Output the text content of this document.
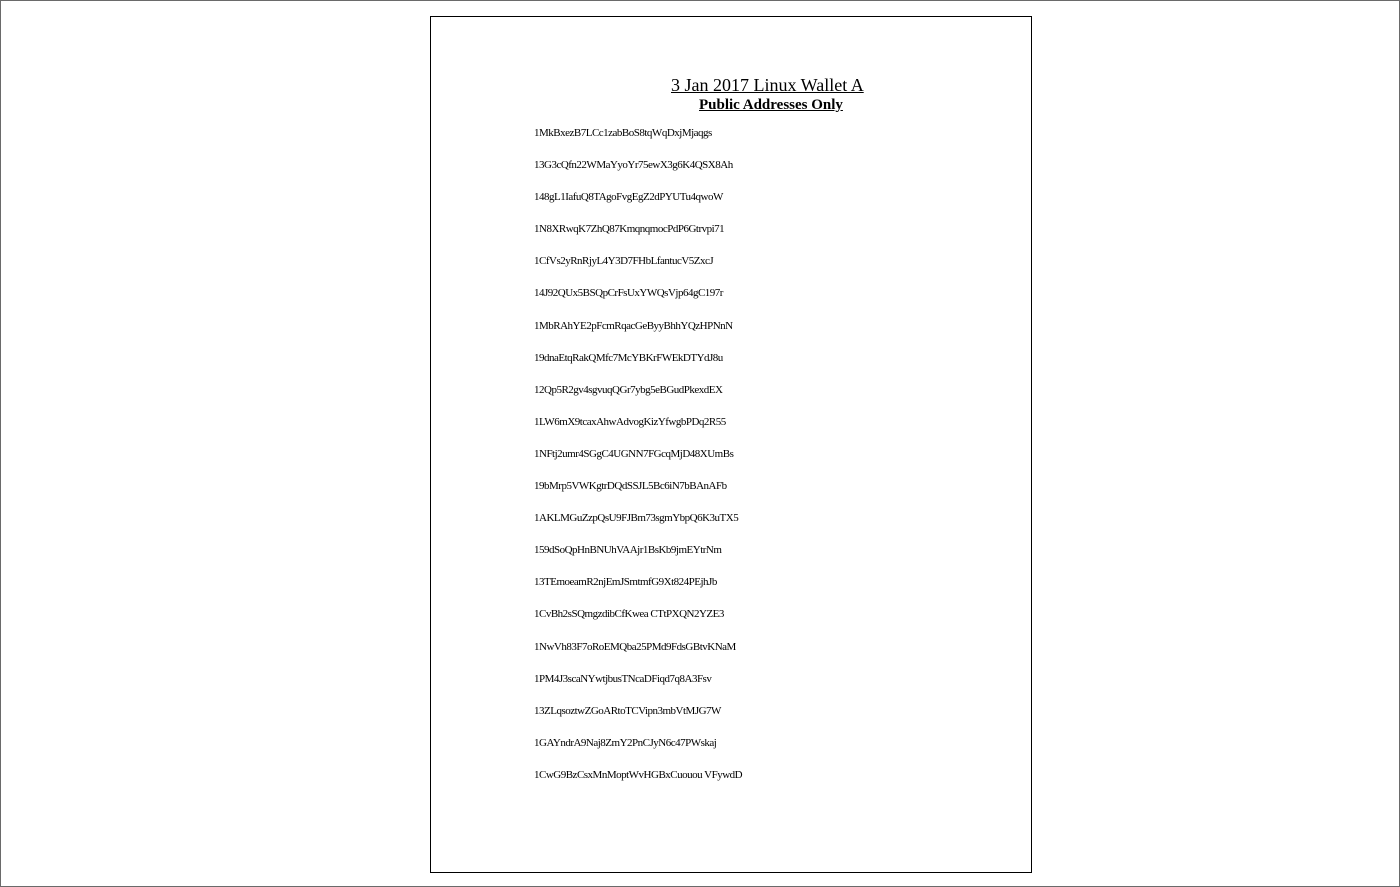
3 Jan 2017 Linux Wallet A
Public Addresses Only
1MkBxezB7LCc1zabBoS8tqWqDxjMjaqgs
13G3cQfn22WMaYyoYr75ewX3g6K4QSX8Ah
148gL1IafuQ8TAgoFvgEgZ2dPYUTu4qwoW
1N8XRwqK7ZhQ87KmqnqmocPdP6Gtrvpi71
1CfVs2yRnRjyL4Y3D7FHbLfantucV5ZxcJ
14J92QUx5BSQpCrFsUxYWQsVjp64gC197r
1MbRAhYE2pFcmRqacGeByyBhhYQzHPNnN
19dnaEtqRakQMfc7McYBKrFWEkDTYdJ8u
12Qp5R2gv4sgvuqQGr7ybg5eBGudPkexdEX
1LW6mX9tcaxAhwAdvogKizYfwgbPDq2R55
1NFtj2umr4SGgC4UGNN7FGcqMjD48XUmBs
19bMrp5VWKgtrDQdSSJL5Bc6iN7bBAnAFb
1AKLMGuZzpQsU9FJBm73sgmYbpQ6K3uTX5
159dSoQpHnBNUhVAAjr1BsKb9jmEYtrNm
13TEmoeamR2njEmJSmtmfG9Xt824PEjhJb
1CvBh2sSQmgzdibCfKwea CTtPXQN2YZE3
1NwVh83F7oRoEMQba25PMd9FdsGBtvKNaM
1PM4J3scaNYwtjbusTNcaDFiqd7q8A3Fsv
13ZLqsoztwZGoARtoTCVipn3mbVtMJG7W
1GAYndrA9Naj8ZmY2PnCJyN6c47PWskaj
1CwG9BzCsxMnMoptWvHGBxCuouou VFywdD
